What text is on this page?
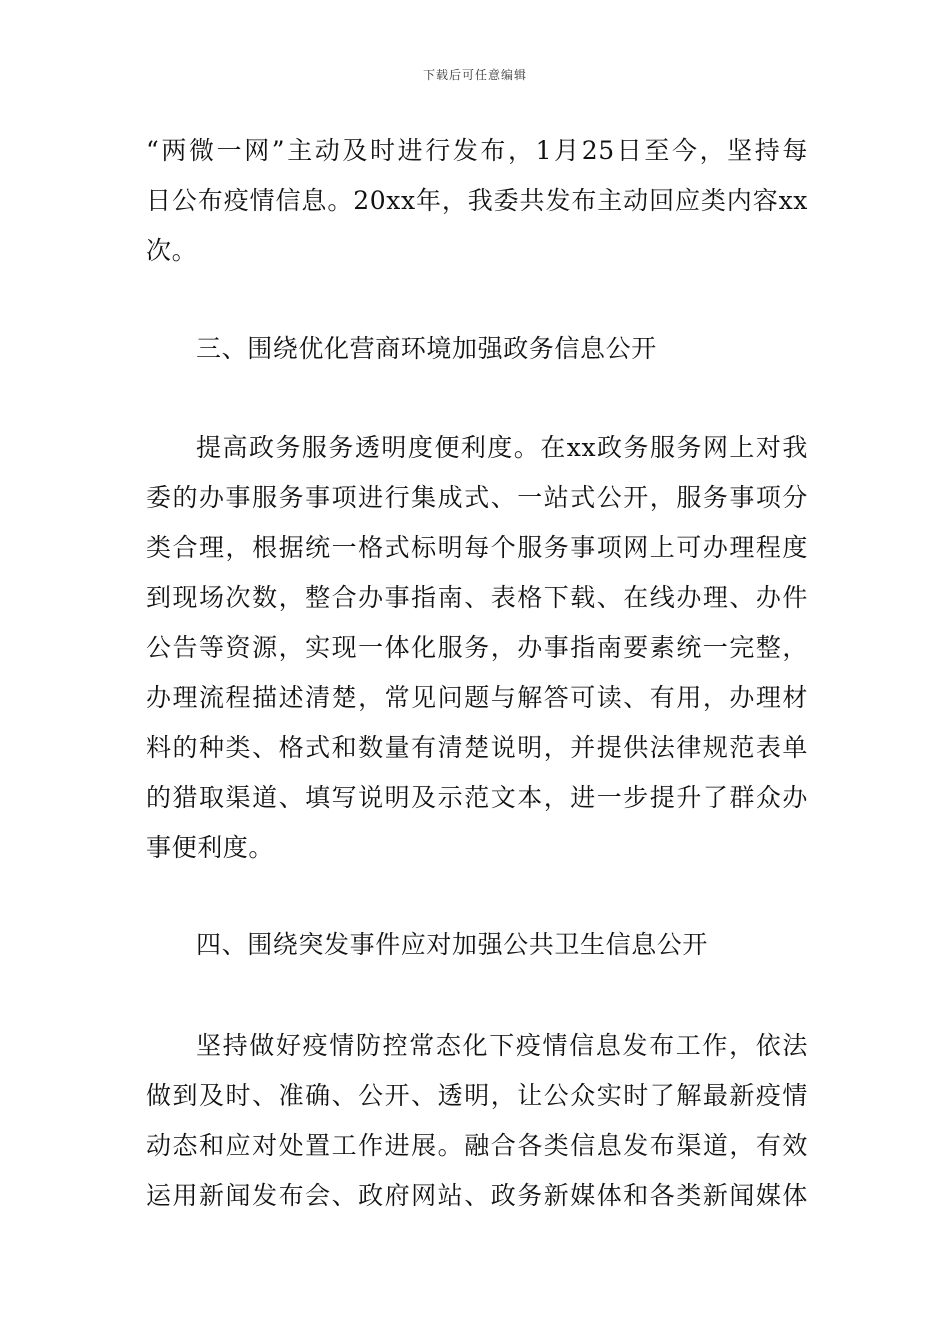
下载后可任意编辑
“两微一网”主动及时进行发布，1月25日至今，坚持每
日公布疫情信息。20xx年，我委共发布主动回应类内容xx
次。
三、围绕优化营商环境加强政务信息公开
提高政务服务透明度便利度。在xx政务服务网上对我
委的办事服务事项进行集成式、一站式公开，服务事项分
类合理，根据统一格式标明每个服务事项网上可办理程度
到现场次数，整合办事指南、表格下载、在线办理、办件
公告等资源，实现一体化服务，办事指南要素统一完整，
办理流程描述清楚，常见问题与解答可读、有用，办理材
料的种类、格式和数量有清楚说明，并提供法律规范表单
的猎取渠道、填写说明及示范文本，进一步提升了群众办
事便利度。
四、围绕突发事件应对加强公共卫生信息公开
坚持做好疫情防控常态化下疫情信息发布工作，依法
做到及时、准确、公开、透明，让公众实时了解最新疫情
动态和应对处置工作进展。融合各类信息发布渠道，有效
运用新闻发布会、政府网站、政务新媒体和各类新闻媒体
